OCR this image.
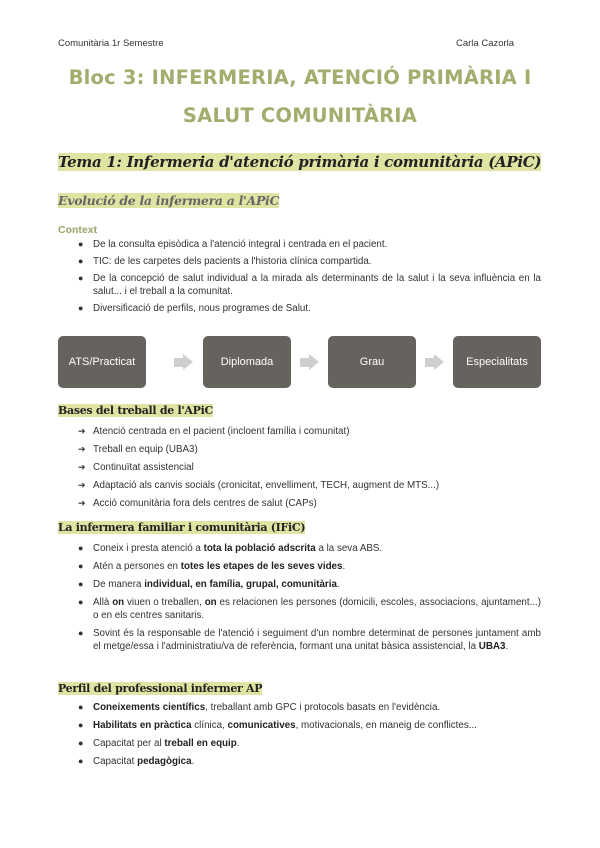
Comunitària 1r Semestre	Carla Cazorla
Bloc 3: INFERMERIA, ATENCIÓ PRIMÀRIA I
SALUT COMUNITÀRIA
Tema 1: Infermeria d'atenció primària i comunitària (APiC)
Evolució de la infermera a l'APiC
Context
● De la consulta episòdica a l'atenció integral i centrada en el pacient.
● TIC: de les carpetes dels pacients a l'historia clínica compartida.
● De la concepció de salut individual a la mirada als determinants de la salut i la seva influència en la salut... i el treball a la comunitat.
● Diversificació de perfils, nous programes de Salut.
ATS/Practicat	Diplomada	Grau	Especialitats
Bases del treball de l'APiC
➔ Atenció centrada en el pacient (incloent família i comunitat)
➔ Treball en equip (UBA3)
➔ Continuïtat assistencial
➔ Adaptació als canvis socials (cronicitat, envelliment, TECH, augment de MTS...)
➔ Acció comunitària fora dels centres de salut (CAPs)
La infermera familiar i comunitària (IFiC)
● Coneix i presta atenció a tota la població adscrita a la seva ABS.
● Atén a persones en totes les etapes de les seves vides.
● De manera individual, en família, grupal, comunitària.
● Allà on viuen o treballen, on es relacionen les persones (domicili, escoles, associacions, ajuntament...) o en els centres sanitaris.
● Sovint és la responsable de l'atenció i seguiment d'un nombre determinat de persones juntament amb el metge/essa i l'administratiu/va de referència, formant una unitat bàsica assistencial, la UBA3.
Perfil del professional infermer AP
● Coneixements científics, treballant amb GPC i protocols basats en l'evidència.
● Habilitats en pràctica clínica, comunicatives, motivacionals, en maneig de conflictes...
● Capacitat per al treball en equip.
● Capacitat pedagògica.
